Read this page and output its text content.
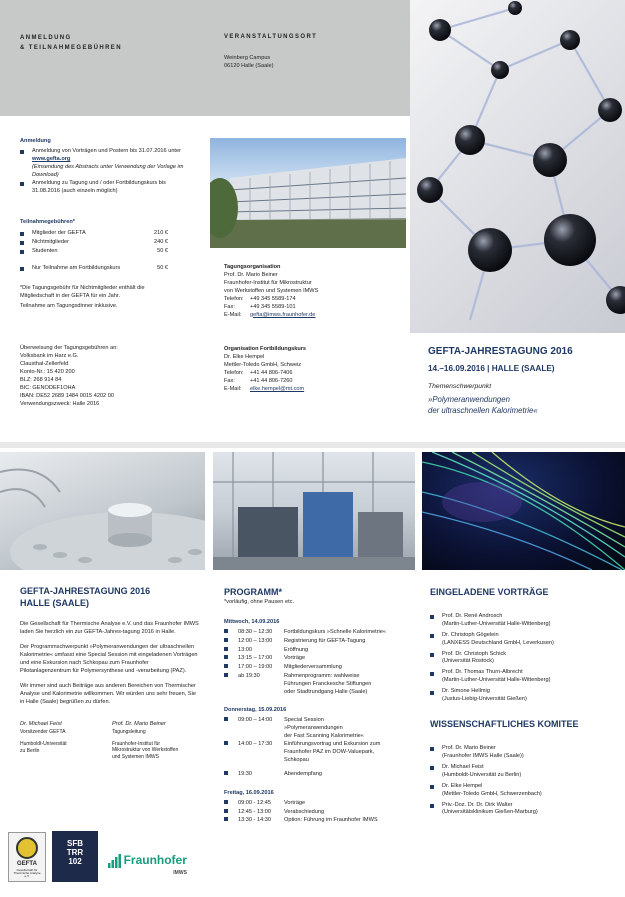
ANMELDUNG
& TEILNAHMEGEBÜHREN
VERANSTALTUNGSORT
Weinberg Campus
06120 Halle (Saale)
Anmeldung
Anmeldung von Vorträgen und Postern bis 31.07.2016 unter www.gefta.org
(Einsendung des Abstracts unter Verwendung der Vorlage im Download)
Anmeldung zu Tagung und / oder Fortbildungskurs bis 31.08.2016 (auch einzeln möglich)
Teilnahmegebühren*
Mitglieder der GEFTA	210 €
Nichtmitglieder	240 €
Studenten	50 €
Nur Teilnahme am Fortbildungskurs	50 €
*Die Tagungsgebühr für Nichtmitglieder enthält die Mitgliedschaft in der GEFTA für ein Jahr.
Teilnahme am Tagungsdinner inklusive.
Überweisung der Tagungsgebühren an:
Volksbank im Harz e.G.
Clausthal-Zellerfeld
Konto-Nr.: 15 420 200
BLZ: 268 914 84
BIC: GENODEF1OHA
IBAN: DE52 2689 1484 0015 4202 00
Verwendungszweck: Halle 2016
Tagungsorganisation
Prof. Dr. Mario Beiner
Fraunhofer-Institut für Mikrostruktur
von Werkstoffen und Systemen IMWS
Telefon:	+49 345 5589-174
Fax:	+49 345 5589-101
E-Mail:	gefta@imws.fraunhofer.de
Organisation Fortbildungskurs
Dr. Elke Hempel
Mettler-Toledo GmbH, Schweiz
Telefon:	+41 44 806-7406
Fax:	+41 44 806-7260
E-Mail:	elke.hempel@mt.com
GEFTA-JAHRESTAGUNG 2016
14.–16.09.2016 | HALLE (SAALE)
Themenschwerpunkt
»Polymeranwendungen
der ultraschnellen Kalorimetrie«
GEFTA-JAHRESTAGUNG 2016
HALLE (SAALE)

Die Gesellschaft für Thermische Analyse e.V. und das Fraunhofer IMWS laden Sie herzlich ein zur GEFTA-Jahres-tagung 2016 in Halle.

Der Programmschwerpunkt »Polymeranwendungen der ultraschnellen Kalorimetrie« umfasst eine Special Session mit eingeladenen Vorträgen und eine Exkursion nach Schkopau zum Fraunhofer Pilotanlagenzentrum für Polymersynthese und -verarbeitung (PAZ).

Wir immer sind auch Beiträge aus anderen Bereichen von Thermischer Analyse und Kalorimetrie willkommen. Wir würden uns sehr freuen, Sie in Halle (Saale) begrüßen zu dürfen.

Dr. Michael Feist
Vorsitzender GEFTA
Humboldt-Universität
zu Berlin
Prof. Dr. Mario Beiner
Tagungsleitung
Fraunhofer-Institut für
Mikrostruktur von Werkstoffen
und Systemen IMWS
GEFTA
Gesellschaft für Thermische Analyse e.V.
SFB
TRR
102	Fraunhofer
IMWS
PROGRAMM*
*vorläufig, ohne Pausen etc.
Mittwoch, 14.09.2016
	08:30 – 12:30	Fortbildungskurs »Schnelle Kalorimetrie«
	12:00 – 13:00	Registrierung für GEFTA-Tagung
	13:00	Eröffnung
	13:15 – 17:00	Vorträge
	17:00 – 19:00	Mitgliederversammlung
	ab 19:30	Rahmenprogramm: wahlweise
Führungen Franckesche Stiftungen
oder Stadtrundgang Halle (Saale)
Donnerstag, 15.09.2016
	09:00 – 14:00	Special Session
»Polymeranwendungen
der Fast Scanning Kalorimetrie«
	14:00 – 17:30	Einführungsvortrag und Exkursion zum
Fraunhofer PAZ im DOW-Valuepark,
Schkopau
	19:30	Abendempfang
Freitag, 16.09.2016
	09:00 - 12:45	Vorträge
	12:45 - 13:00	Verabschiedung
	13:30 - 14:30	Option: Führung im Fraunhofer IMWS
EINGELADENE VORTRÄGE
Prof. Dr. René Androsch
(Martin-Luther-Universität Halle-Wittenberg)
Dr. Christoph Gögelein
(LANXESS Deutschland GmbH, Leverkusen)
Prof. Dr. Christoph Schick
(Universität Rostock)
Prof. Dr. Thomas Thurn-Albrecht
(Martin-Luther-Universität Halle-Wittenberg)
Dr. Simone Hellmig
(Justus-Liebig-Universität Gießen)
WISSENSCHAFTLICHES KOMITEE
Prof. Dr. Mario Beiner
(Fraunhofer IMWS Halle (Saale))
Dr. Michael Feist
(Humboldt-Universität zu Berlin)
Dr. Elke Hempel
(Mettler-Toledo GmbH, Schwerzenbach)
Priv.-Doz. Dr. Dr. Dirk Walter
(Universitätsklinikum Gießen-Marburg)
